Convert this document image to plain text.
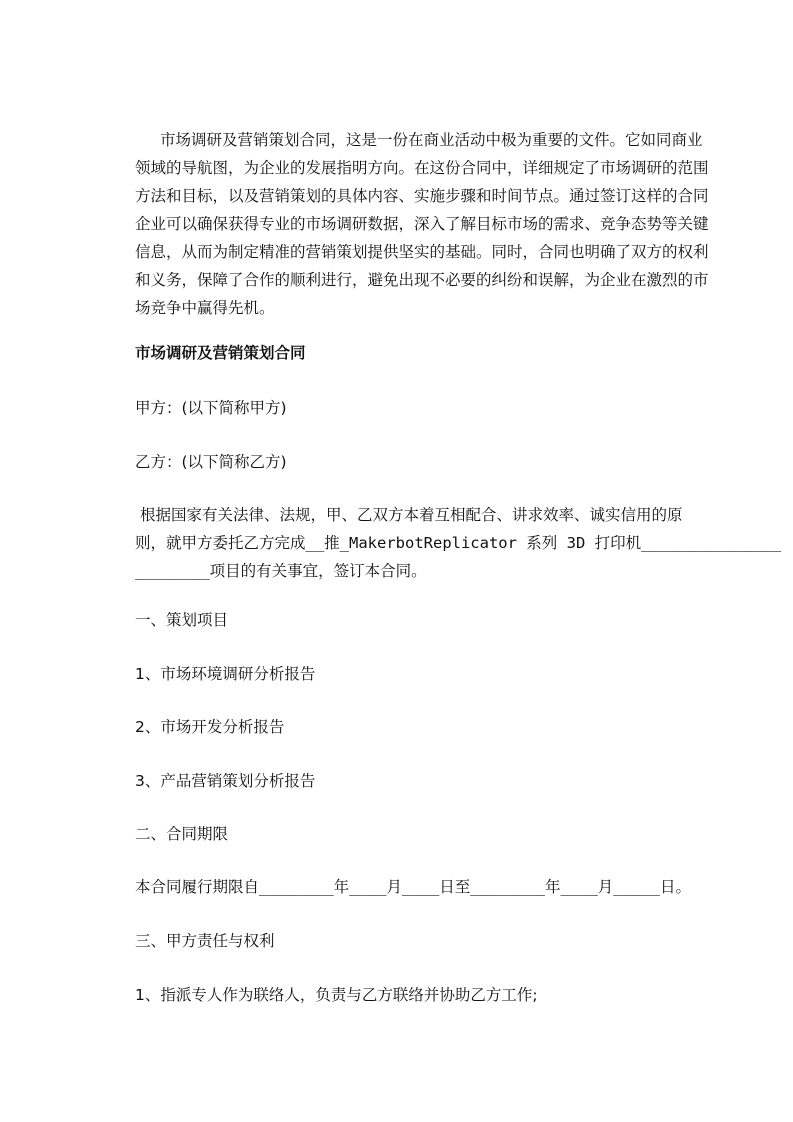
市场调研及营销策划合同，这是一份在商业活动中极为重要的文件。它如同商业
领域的导航图，为企业的发展指明方向。在这份合同中，详细规定了市场调研的范围
方法和目标，以及营销策划的具体内容、实施步骤和时间节点。通过签订这样的合同
企业可以确保获得专业的市场调研数据，深入了解目标市场的需求、竞争态势等关键
信息，从而为制定精准的营销策划提供坚实的基础。同时，合同也明确了双方的权利
和义务，保障了合作的顺利进行，避免出现不必要的纠纷和误解，为企业在激烈的市
场竞争中赢得先机。
市场调研及营销策划合同
甲方：(以下简称甲方)
乙方：(以下简称乙方)
根据国家有关法律、法规，甲、乙双方本着互相配合、讲求效率、诚实信用的原
则，就甲方委托乙方完成__推_MakerbotReplicator 系列 3D 打印机_______________
________项目的有关事宜，签订本合同。
一、策划项目
1、市场环境调研分析报告
2、市场开发分析报告
3、产品营销策划分析报告
二、合同期限
本合同履行期限自________年____月____日至________年____月_____日。
三、甲方责任与权利
1、指派专人作为联络人，负责与乙方联络并协助乙方工作;
